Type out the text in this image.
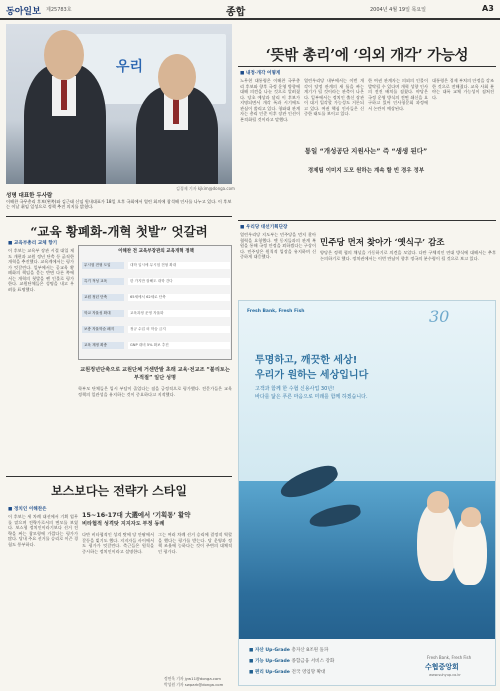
동아일보 제25783호	종합	2004년 4월 19일 목요일	A3
우리
김경제 기자 kjkim@donga.com
성명 대표한 두사람
이해찬 국무총리 후보(왼쪽)와 김근태 신임 원내대표가 18일 오후 국회에서 열린 회의에 참석해 인사를 나누고 있다. 이 후보는 이날 취임 일성으로 정책 추진 의지를 밝혔다.
‘뜻밖 총리’에 ‘의외 개각’ 가능성
■ 내정·개각 어떻게
노무현 대통령은 이해찬 국무총리 후보와 향후 국정 운영 방향에 대해 의견을 나눈 것으로 알려졌다. 당초 예상과 달리 이 후보가 지명되면서 개각 폭과 시기에도 관심이 쏠리고 있다. 청와대 관계자는 총리 인준 이후 장관 인선이 본격화될 것이라고 말했다.
열린우리당 내부에서는 이번 개각이 당정 관계의 새 틀을 짜는 계기가 될 것이라는 관측이 나온다. 일부에서는 정치인 출신 장관이 대거 입각할 가능성도 거론되고 있다. 여권 핵심 인사들은 신중한 태도를 보이고 있다.
한 여권 관계자는 의외의 인물이 발탁될 수 있다며 개혁 성향 인사의 전진 배치를 점쳤다. 야당은 국정 운영 방식의 전면 쇄신을 요구하고 있어 인사청문회 과정에서 논란이 예상된다.
대통령은 경제 부처의 안정을 강조한 것으로 전해졌다. 교육 사회 분야는 대폭 교체 가능성이 점쳐진다.
통일 “개성공단 지원사는” 즉 “생생 된다”
경제팀 이미지 도모 원하는 계속 할 빈 경우 정부
■ 우리당 대선기획단장
민주당 먼저 찾아가 ‘옛식구’ 감조
열린우리당 지도부는 민주당을 먼저 찾아 협력을 요청했다. 옛 동지들과의 관계 복원을 통해 국정 안정을 꾀하겠다는 구상이다. 민주당은 원칙적 입장을 유지하며 신중하게 대응했다.
양당은 정책 협의 채널을 가동하기로 의견을 모았다. 다만 구체적인 연대 방식에 대해서는 추후 논의하기로 했다. 정치권에서는 이번 만남이 향후 정국의 분수령이 될 것으로 보고 있다.
“교육 황폐화-개혁 첫발” 엇갈려
■ 교육부총리 교체 향기
이 후보는 교육부 장관 시절 대입 제도 개편과 교원 정년 단축 등 굵직한 개혁을 추진했다. 교육계에서는 평가가 엇갈린다. 일부에서는 공교육 황폐화의 책임을 묻는 반면 다른 쪽에서는 개혁의 첫발을 뗀 인물로 평가한다. 교원단체들은 성명을 내고 우려를 표명했다.
이해찬 전 교육부장관의 교육개혁 정책
무시험 전형 도입	대학 입시에 무시험 전형 확대
특기 적성 교육	한 가지만 잘해도 대학 간다
교원 정년 단축	65세에서 62세로 단축
학교 자율성 확대	교육과정 운영 자율화
보충 자율학습 폐지	정규 수업 외 학습 금지
교육 재정 확충	GNP 대비 5% 확보 추진
교원정년단축으로 교원단체 거센반발 초래 교육·전교조 “불리토는 부적절” 일단 성명
학부모 단체들은 입시 부담이 줄었다는 점을 긍정적으로 평가했다. 전문가들은 교육 정책의 일관성을 유지하는 것이 중요하다고 지적했다.
Fresh Bank, Fresh Fish	30
투명하고, 깨끗한 세상!
우리가 원하는 세상입니다
고객과 함께 한 수협 신용사업 30년!
바다를 닮은 푸른 마음으로 미래를 함께 하겠습니다.
■ 자산 Up-Grade 총자산 8조원 돌파
■ 기능 Up-Grade 종합금융 서비스 강화
■ 편리 Up-Grade 전국 영업망 확대
Fresh Bank, Fresh Fish
수협중앙회
www.suhyup.co.kr
보스보다는 전략가 스타일
■ 정치인 이해찬은
15~16-17대 大選에서 ‘기획통’ 활약
비타협적 성격탓 지지자도 부정 동례
이 후보는 세 차례 대선에서 기획 업무를 맡으며 전략가로서의 면모를 보였다. 보스형 정치인이라기보다 선거 전략을 짜는 참모형에 가깝다는 평가가 많다. 당내 주요 선거를 승리로 이끈 경험도 풍부하다.
다만 비타협적인 성격 탓에 당 안팎에서 갈등을 빚기도 했다. 지지자들 사이에서도 평가가 엇갈린다. 측근들은 원칙을 중시하는 정치인이라고 설명한다.
그는 여러 차례 선거 승리에 결정적 역할을 했다는 평가를 받는다. 당 운영과 정책 조율에 능하다는 것이 주변의 대체적인 평가다.
정연욱 기자 jyw11@donga.com
박성원 기자 swpark@donga.com
